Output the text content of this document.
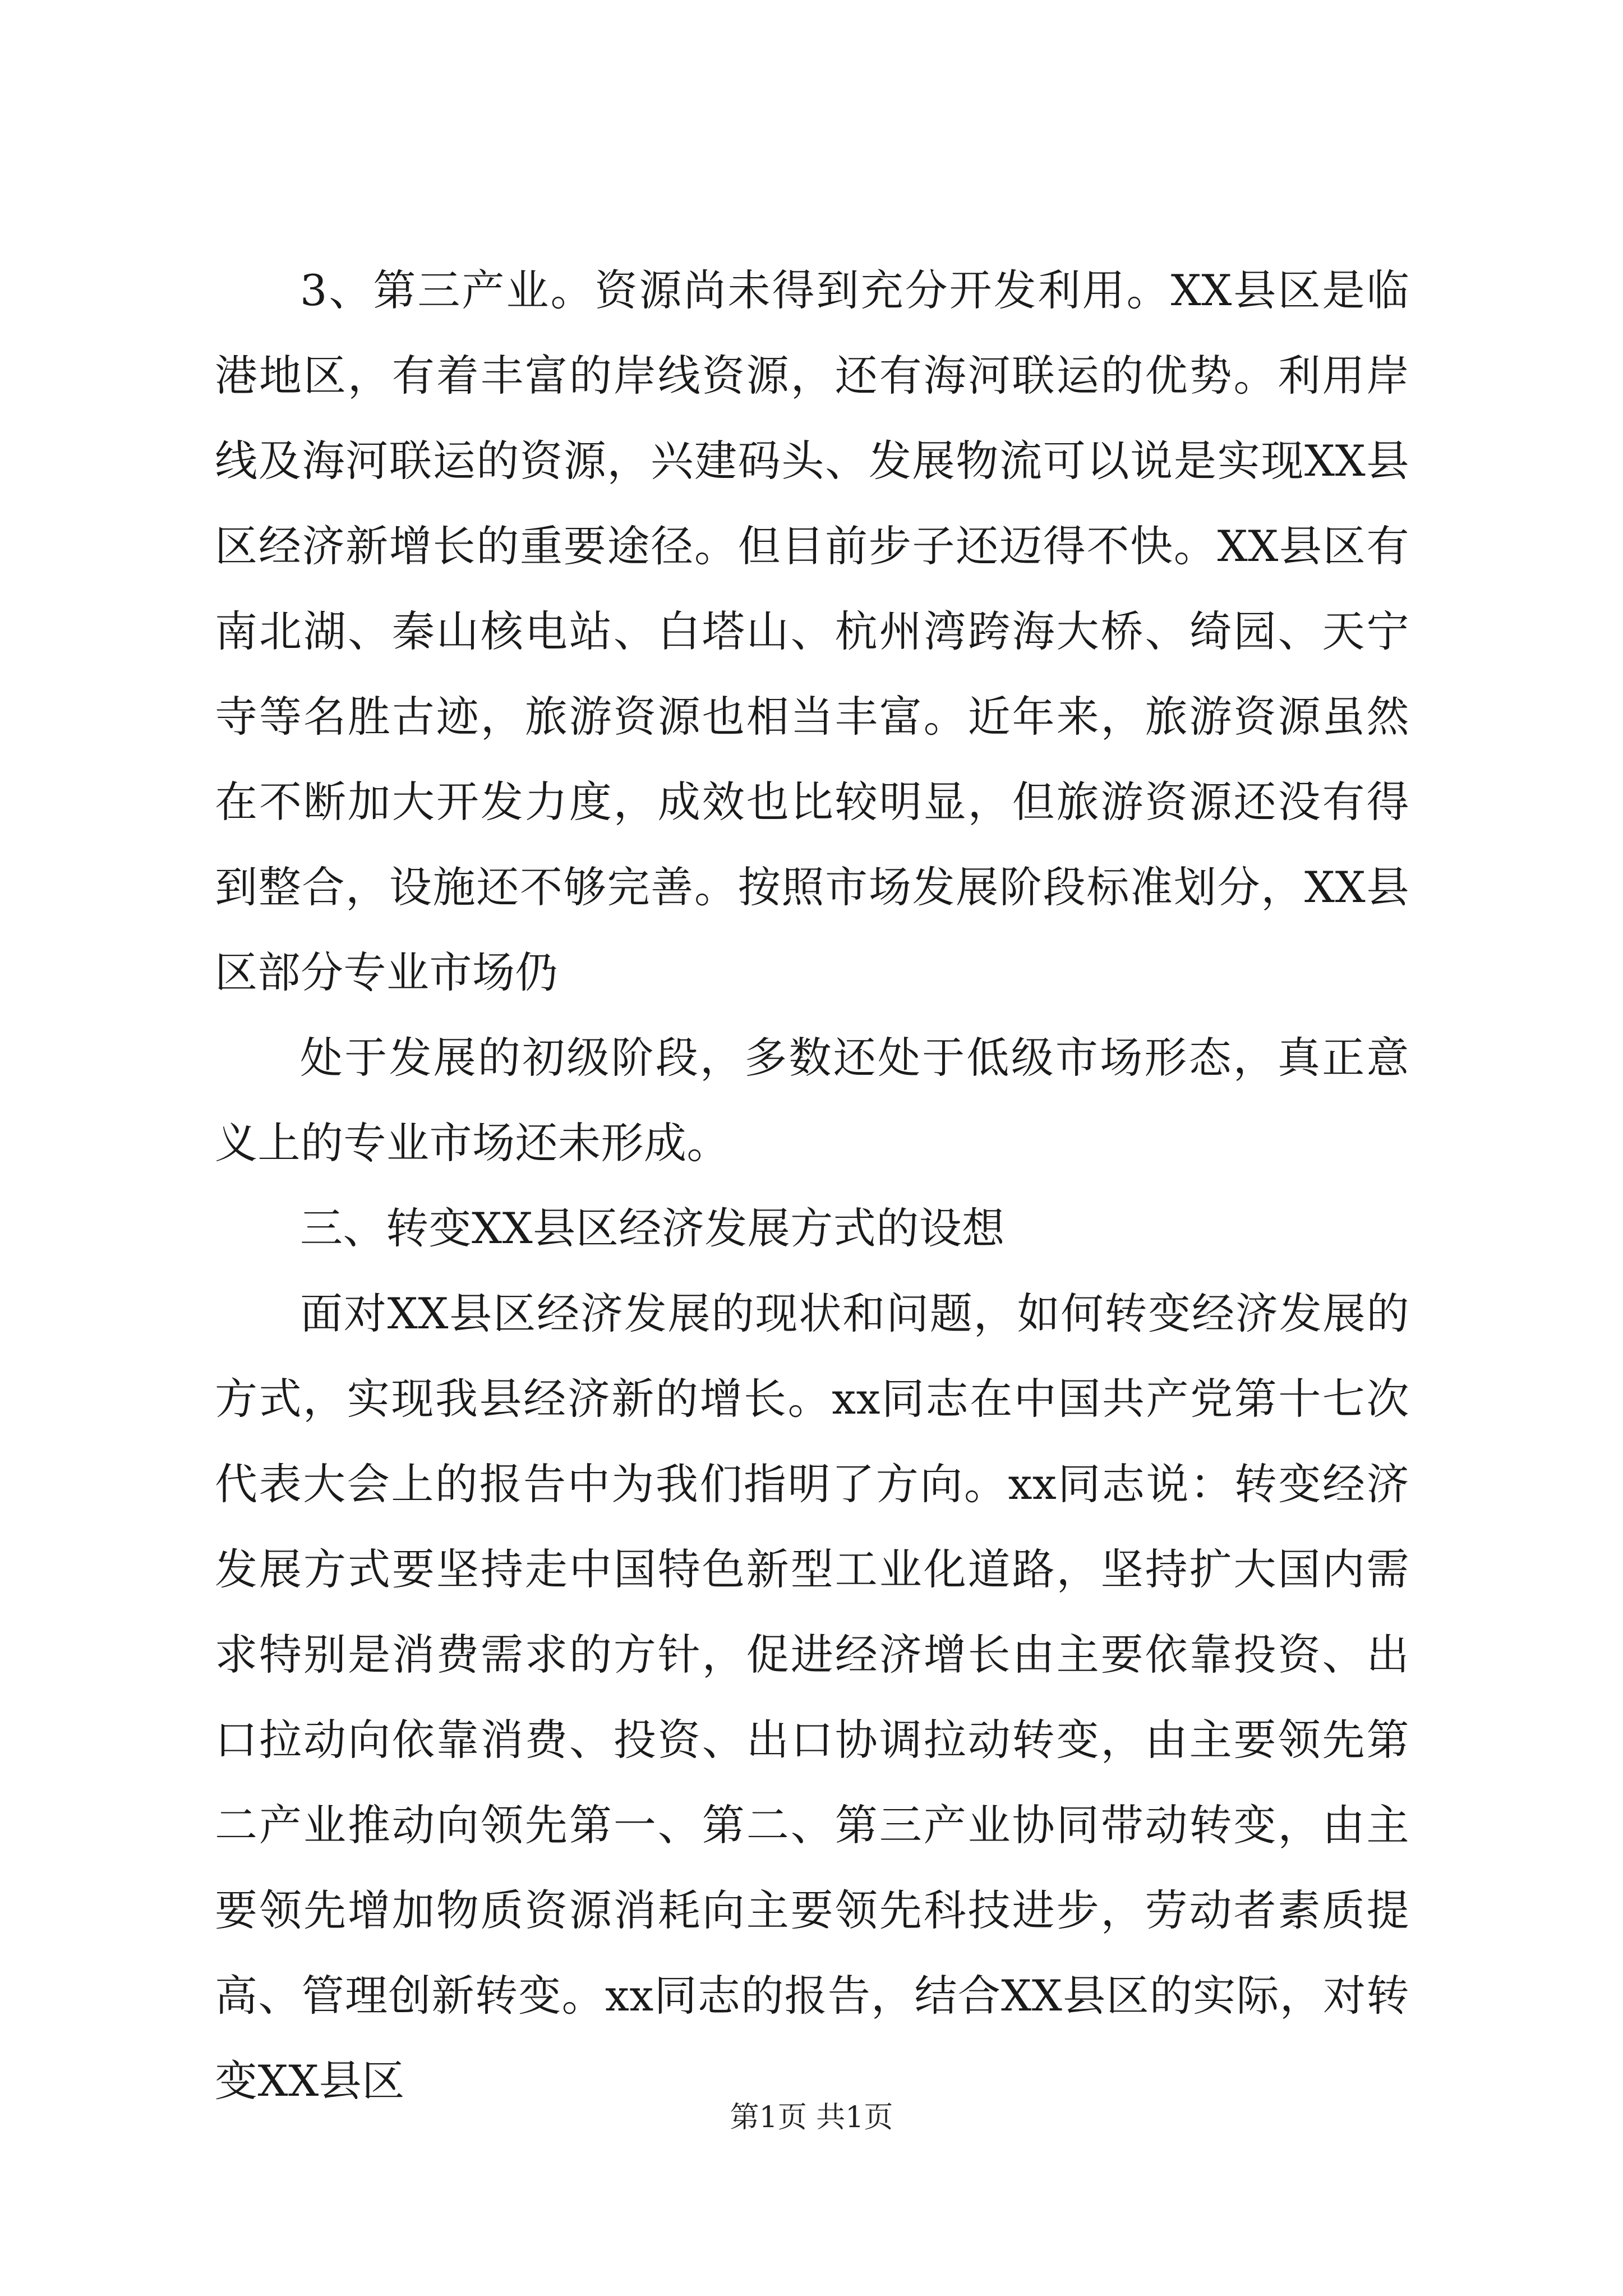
3、第三产业。资源尚未得到充分开发利用。XX县区是临港地区，有着丰富的岸线资源，还有海河联运的优势。利用岸线及海河联运的资源，兴建码头、发展物流可以说是实现XX县区经济新增长的重要途径。但目前步子还迈得不快。XX县区有南北湖、秦山核电站、白塔山、杭州湾跨海大桥、绮园、天宁寺等名胜古迹，旅游资源也相当丰富。近年来，旅游资源虽然在不断加大开发力度，成效也比较明显，但旅游资源还没有得到整合，设施还不够完善。按照市场发展阶段标准划分，XX县区部分专业市场仍

处于发展的初级阶段，多数还处于低级市场形态，真正意义上的专业市场还未形成。

三、转变XX县区经济发展方式的设想

面对XX县区经济发展的现状和问题，如何转变经济发展的方式，实现我县经济新的增长。xx同志在中国共产党第十七次代表大会上的报告中为我们指明了方向。xx同志说：转变经济发展方式要坚持走中国特色新型工业化道路，坚持扩大国内需求特别是消费需求的方针，促进经济增长由主要依靠投资、出口拉动向依靠消费、投资、出口协调拉动转变，由主要领先第二产业推动向领先第一、第二、第三产业协同带动转变，由主要领先增加物质资源消耗向主要领先科技进步，劳动者素质提高、管理创新转变。xx同志的报告，结合XX县区的实际，对转变XX县区

第1页 共1页
